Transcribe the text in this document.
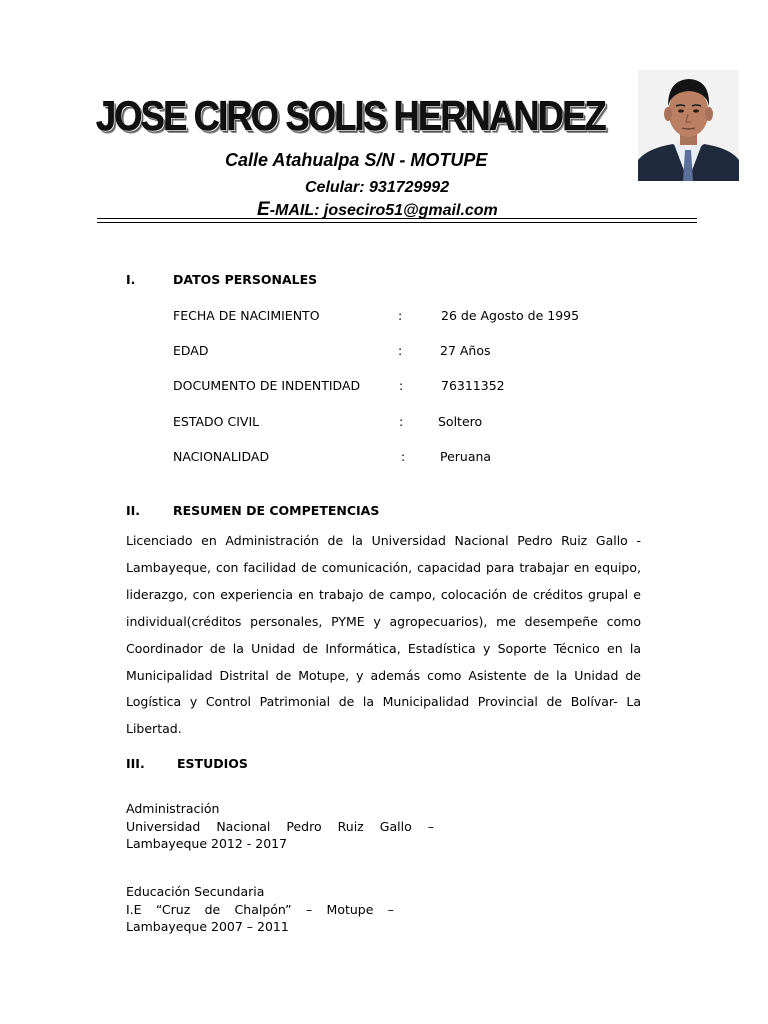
JOSE CIRO SOLIS HERNANDEZ
Calle Atahualpa S/N - MOTUPE
Celular: 931729992
E-MAIL: joseciro51@gmail.com
I.	DATOS PERSONALES
FECHA DE NACIMIENTO	:	26 de Agosto de 1995
EDAD	:	27 Años
DOCUMENTO DE INDENTIDAD	:	76311352
ESTADO CIVIL	:	Soltero
NACIONALIDAD	:	Peruana
II.	RESUMEN DE COMPETENCIAS
Licenciado en Administración de la Universidad Nacional Pedro Ruiz Gallo - Lambayeque, con facilidad de comunicación, capacidad para trabajar en equipo, liderazgo, con experiencia en trabajo de campo, colocación de créditos grupal e individual(créditos personales, PYME y agropecuarios), me desempeñe como Coordinador de la Unidad de Informática, Estadística y Soporte Técnico en la Municipalidad Distrital de Motupe, y además como Asistente de la Unidad de Logística y Control Patrimonial de la Municipalidad Provincial de Bolívar- La Libertad.
III.	ESTUDIOS
Administración
Universidad Nacional Pedro Ruiz Gallo –
Lambayeque 2012 - 2017
Educación Secundaria
I.E “Cruz de Chalpón” – Motupe –
Lambayeque 2007 – 2011
